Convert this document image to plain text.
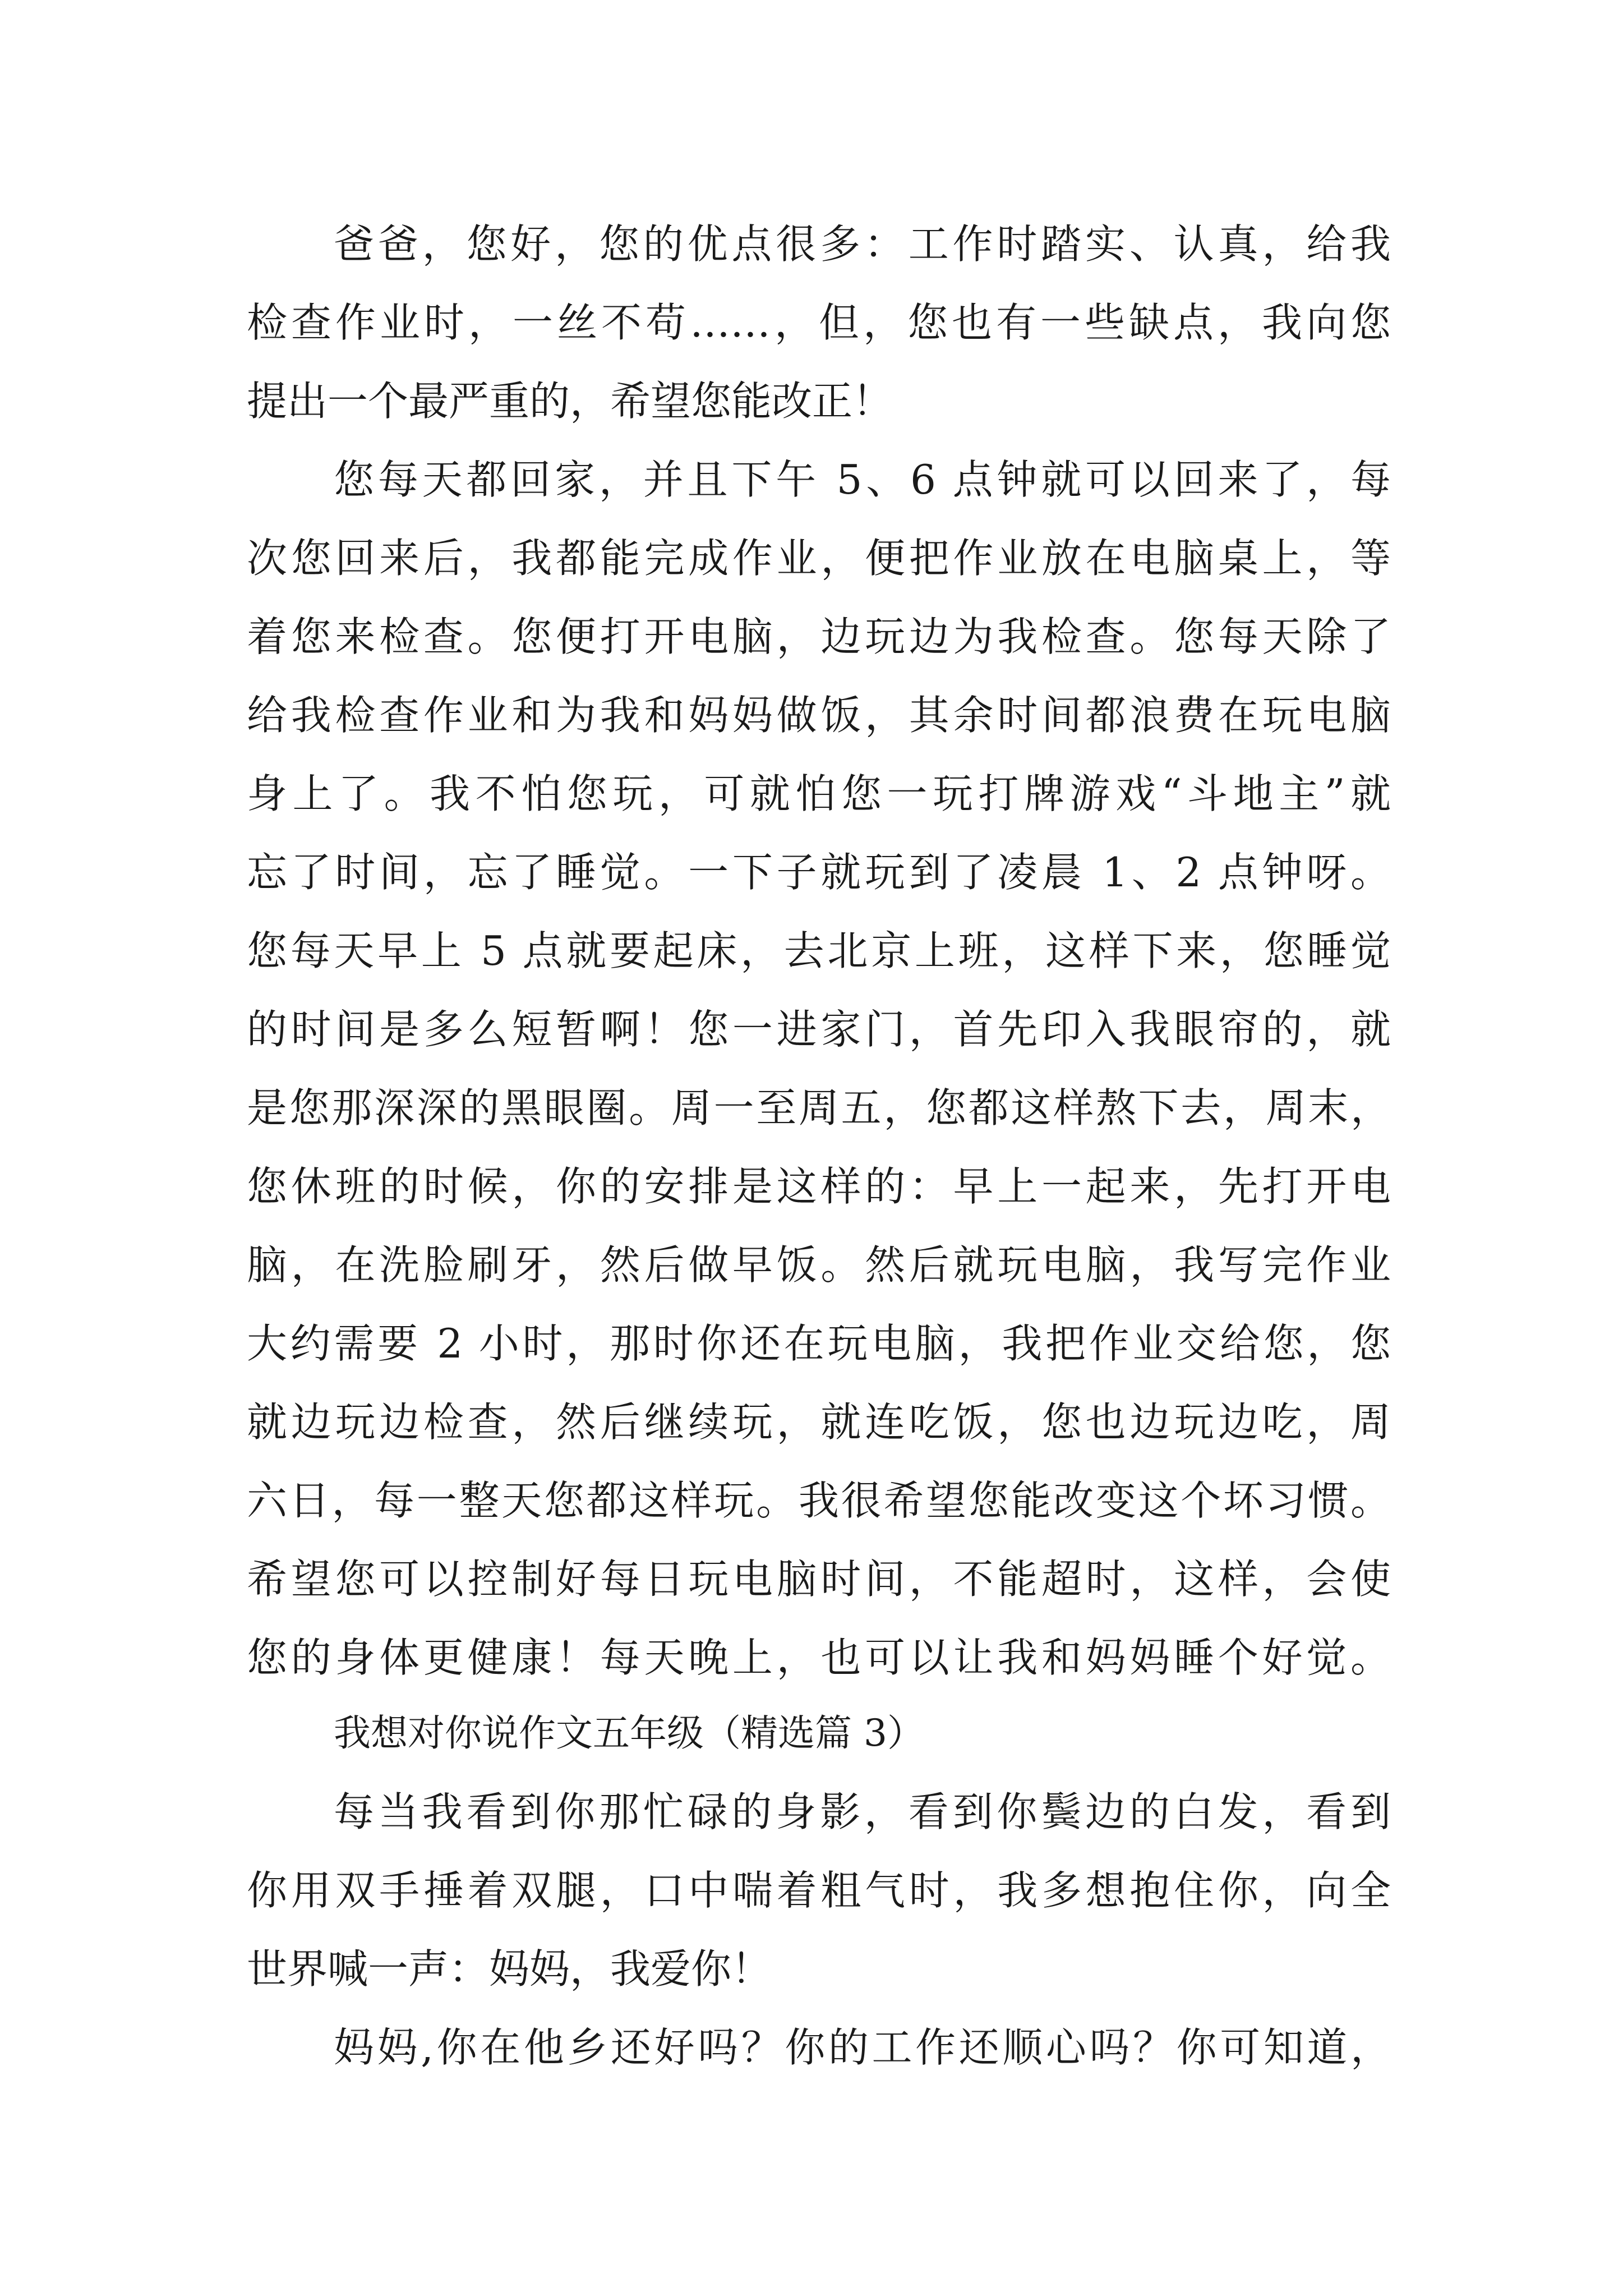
爸爸，您好，您的优点很多：工作时踏实、认真，给我
检查作业时，一丝不苟……，但，您也有一些缺点，我向您
提出一个最严重的，希望您能改正！
您每天都回家，并且下午 5、6 点钟就可以回来了，每
次您回来后，我都能完成作业，便把作业放在电脑桌上，等
着您来检查。您便打开电脑，边玩边为我检查。您每天除了
给我检查作业和为我和妈妈做饭，其余时间都浪费在玩电脑
身上了。我不怕您玩，可就怕您一玩打牌游戏“斗地主”就
忘了时间，忘了睡觉。一下子就玩到了凌晨 1、2 点钟呀。
您每天早上 5 点就要起床，去北京上班，这样下来，您睡觉
的时间是多么短暂啊！您一进家门，首先印入我眼帘的，就
是您那深深的黑眼圈。周一至周五，您都这样熬下去，周末，
您休班的时候，你的安排是这样的：早上一起来，先打开电
脑，在洗脸刷牙，然后做早饭。然后就玩电脑，我写完作业
大约需要 2 小时，那时你还在玩电脑，我把作业交给您，您
就边玩边检查，然后继续玩，就连吃饭，您也边玩边吃，周
六日，每一整天您都这样玩。我很希望您能改变这个坏习惯。
希望您可以控制好每日玩电脑时间，不能超时，这样，会使
您的身体更健康！每天晚上，也可以让我和妈妈睡个好觉。
我想对你说作文五年级（精选篇 3）
每当我看到你那忙碌的身影，看到你鬓边的白发，看到
你用双手捶着双腿，口中喘着粗气时，我多想抱住你，向全
世界喊一声：妈妈，我爱你！
妈妈,你在他乡还好吗？你的工作还顺心吗？你可知道，
